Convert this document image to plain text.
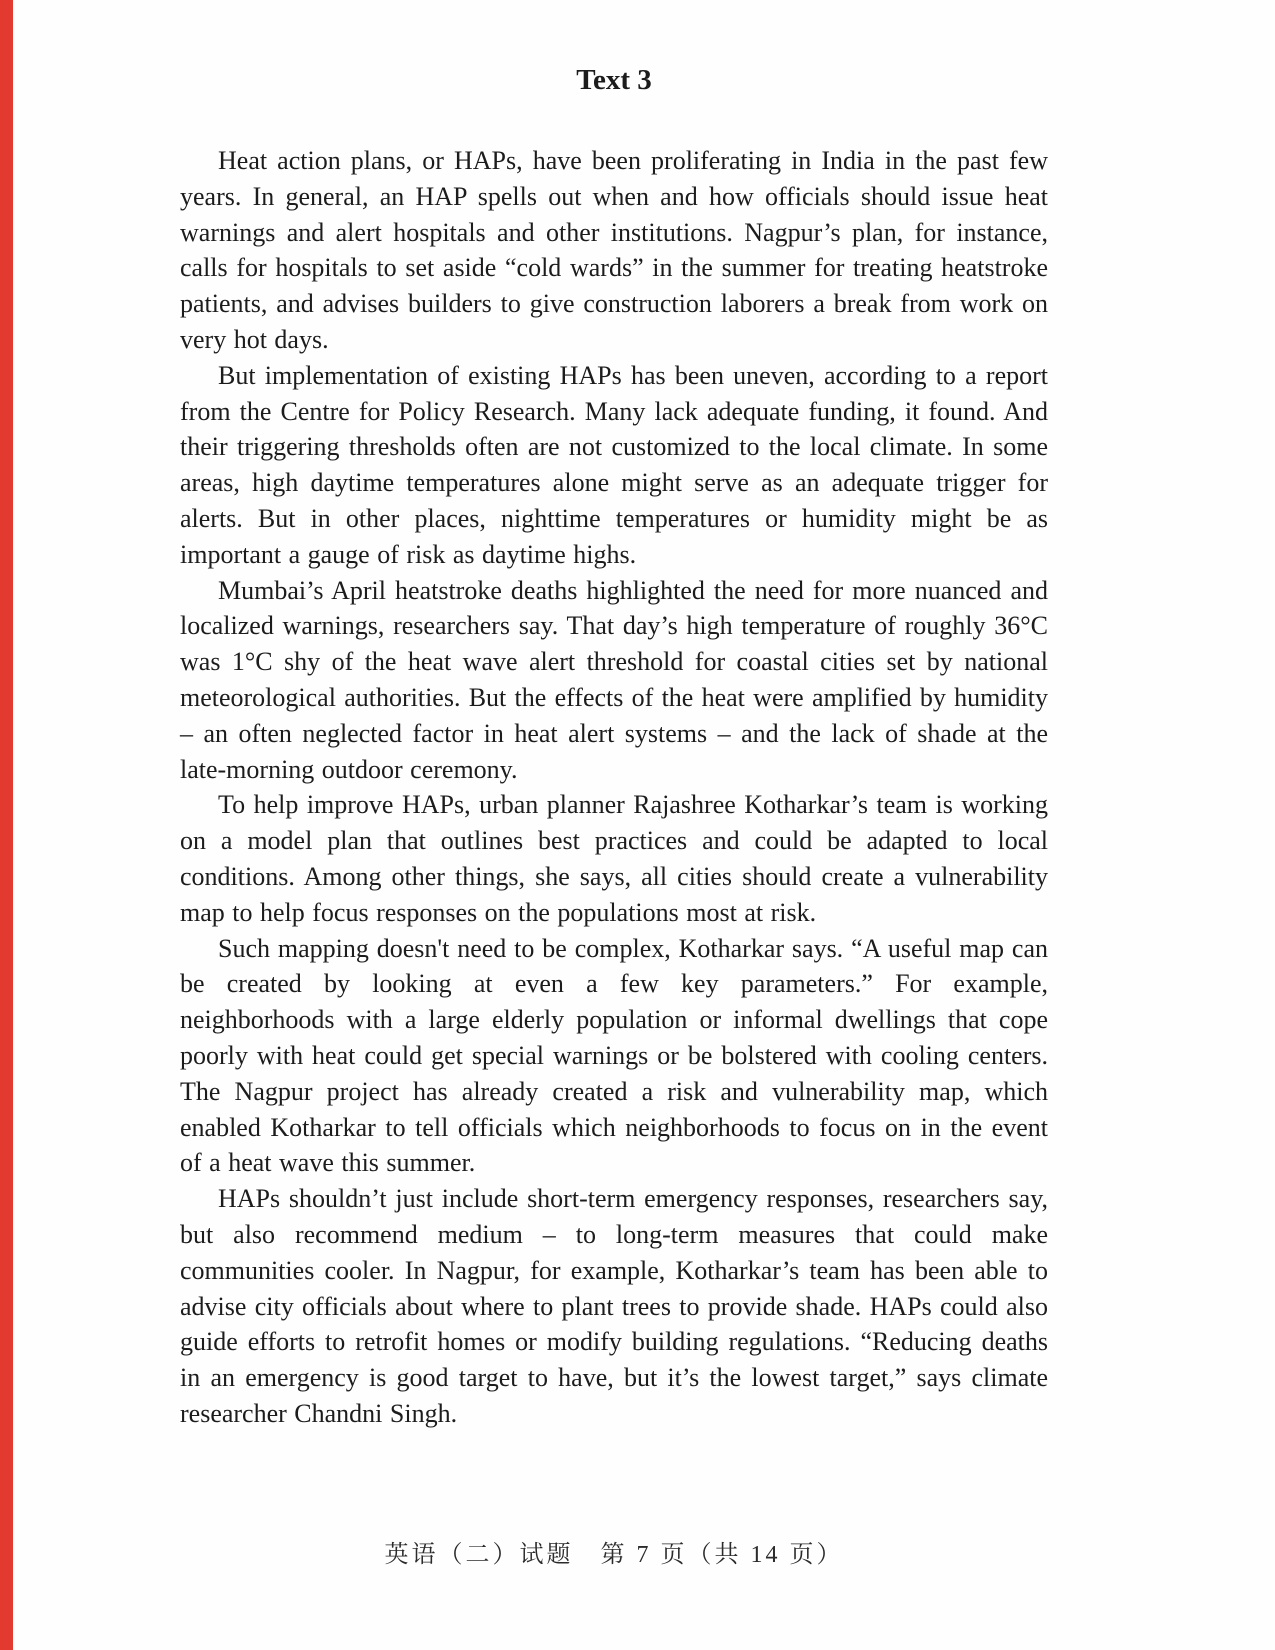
Text 3

Heat action plans, or HAPs, have been proliferating in India in the past few years. In general, an HAP spells out when and how officials should issue heat warnings and alert hospitals and other institutions. Nagpur’s plan, for instance, calls for hospitals to set aside “cold wards” in the summer for treating heatstroke patients, and advises builders to give construction laborers a break from work on very hot days.

But implementation of existing HAPs has been uneven, according to a report from the Centre for Policy Research. Many lack adequate funding, it found. And their triggering thresholds often are not customized to the local climate. In some areas, high daytime temperatures alone might serve as an adequate trigger for alerts. But in other places, nighttime temperatures or humidity might be as important a gauge of risk as daytime highs.

Mumbai’s April heatstroke deaths highlighted the need for more nuanced and localized warnings, researchers say. That day’s high temperature of roughly 36°C was 1°C shy of the heat wave alert threshold for coastal cities set by national meteorological authorities. But the effects of the heat were amplified by humidity – an often neglected factor in heat alert systems – and the lack of shade at the late-morning outdoor ceremony.

To help improve HAPs, urban planner Rajashree Kotharkar’s team is working on a model plan that outlines best practices and could be adapted to local conditions. Among other things, she says, all cities should create a vulnerability map to help focus responses on the populations most at risk.

Such mapping doesn't need to be complex, Kotharkar says. “A useful map can be created by looking at even a few key parameters.” For example, neighborhoods with a large elderly population or informal dwellings that cope poorly with heat could get special warnings or be bolstered with cooling centers. The Nagpur project has already created a risk and vulnerability map, which enabled Kotharkar to tell officials which neighborhoods to focus on in the event of a heat wave this summer.

HAPs shouldn’t just include short-term emergency responses, researchers say, but also recommend medium – to long-term measures that could make communities cooler. In Nagpur, for example, Kotharkar’s team has been able to advise city officials about where to plant trees to provide shade. HAPs could also guide efforts to retrofit homes or modify building regulations. “Reducing deaths in an emergency is good target to have, but it’s the lowest target,” says climate researcher Chandni Singh.

英语（二）试题　第 7 页（共 14 页）
